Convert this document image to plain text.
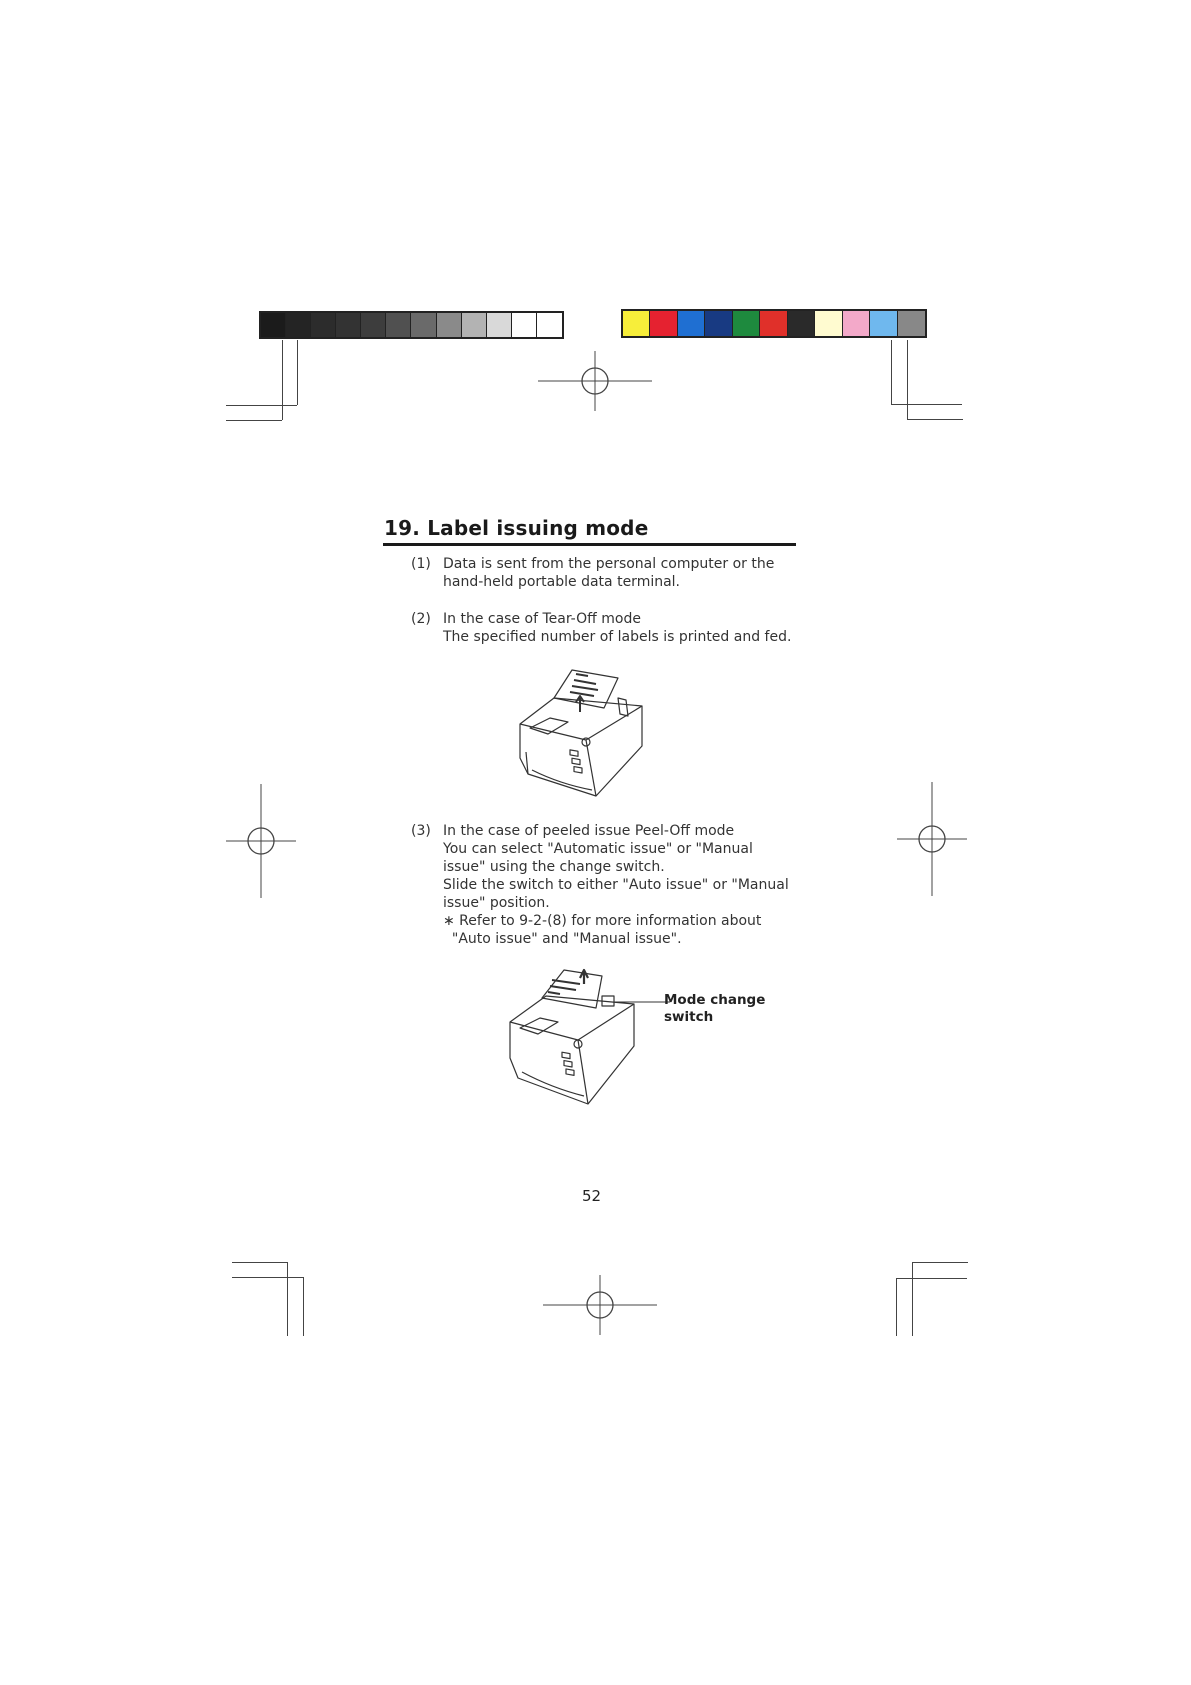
19. Label issuing mode
(1) Data is sent from the personal computer or the
hand-held portable data terminal.
(2) In the case of Tear-Off mode
The specified number of labels is printed and fed.
(3) In the case of peeled issue Peel-Off mode
You can select "Automatic issue" or "Manual
issue" using the change switch.
Slide the switch to either "Auto issue" or "Manual
issue" position.
∗ Refer to 9-2-(8) for more information about
"Auto issue" and "Manual issue".
Mode change
switch
52
